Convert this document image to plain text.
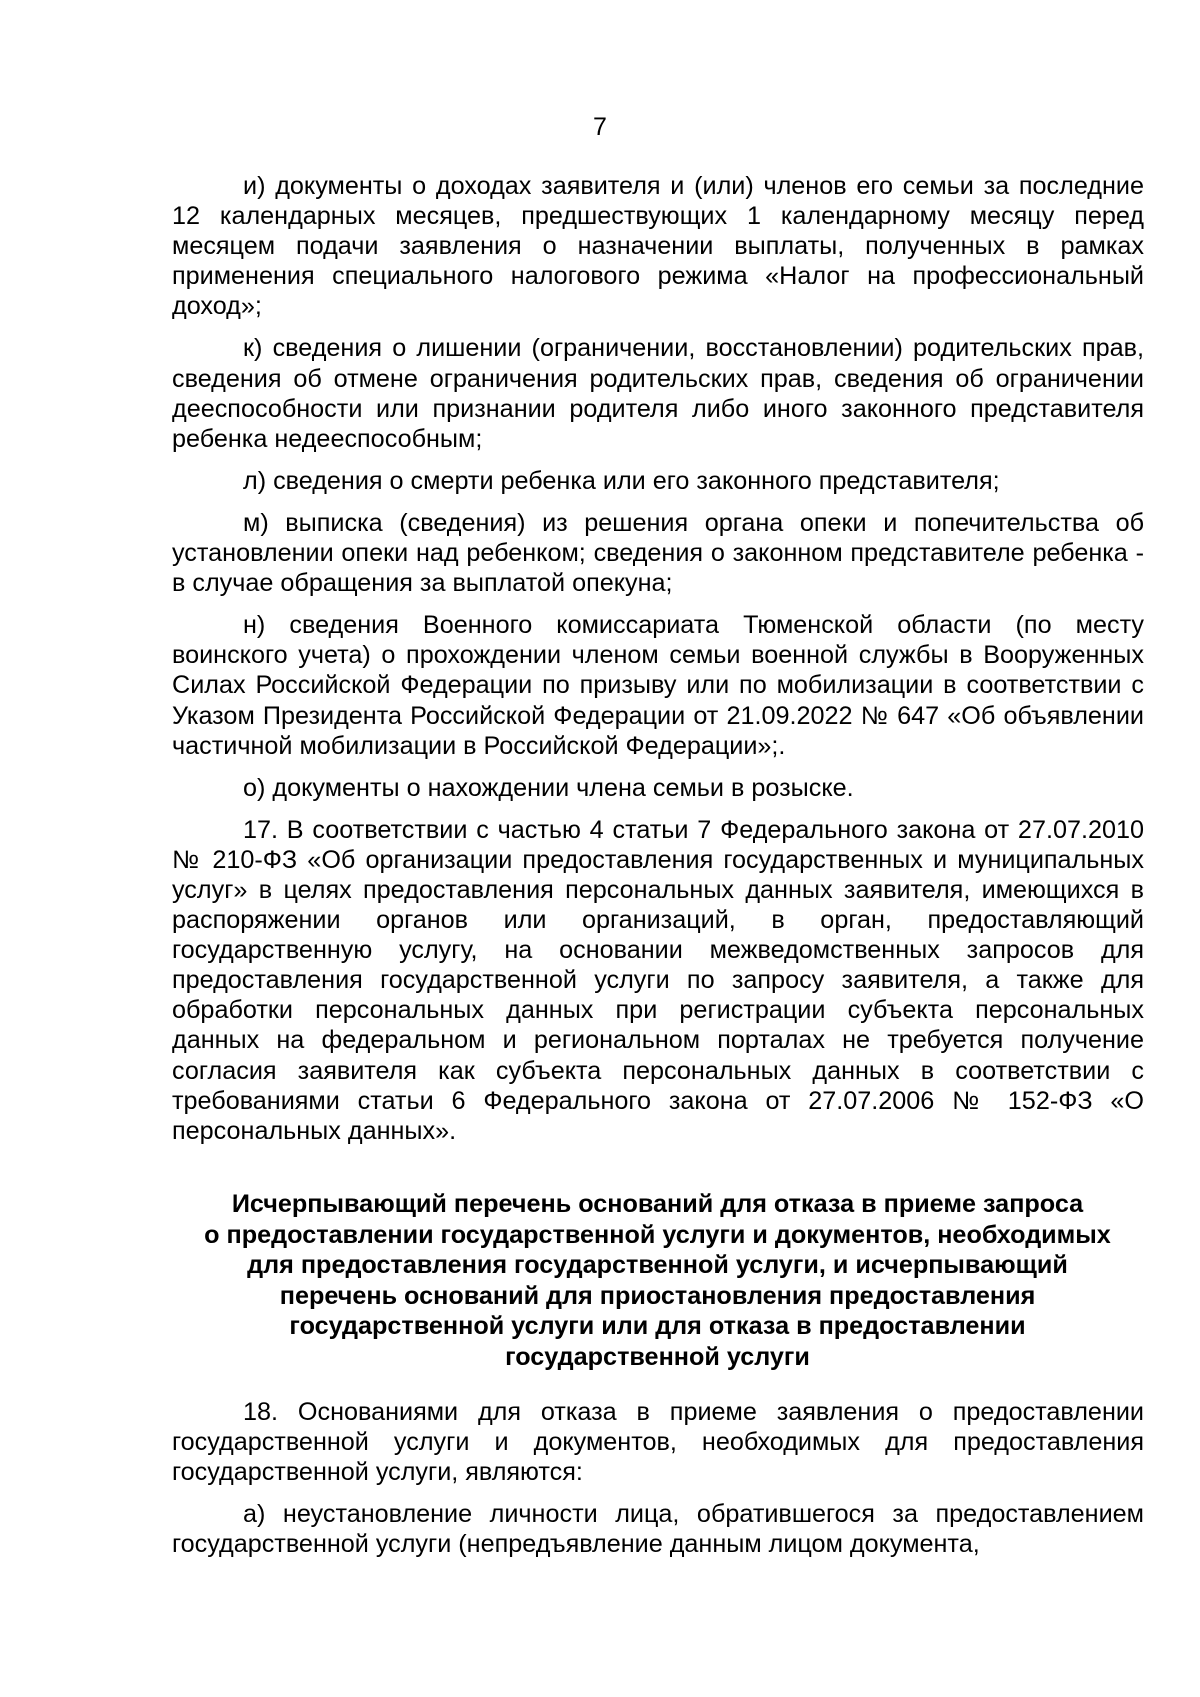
7

и) документы о доходах заявителя и (или) членов его семьи за последние 12 календарных месяцев, предшествующих 1 календарному месяцу перед месяцем подачи заявления о назначении выплаты, полученных в рамках применения специального налогового режима «Налог на профессиональный доход»;

к) сведения о лишении (ограничении, восстановлении) родительских прав, сведения об отмене ограничения родительских прав, сведения об ограничении дееспособности или признании родителя либо иного законного представителя ребенка недееспособным;

л) сведения о смерти ребенка или его законного представителя;

м) выписка (сведения) из решения органа опеки и попечительства об установлении опеки над ребенком; сведения о законном представителе ребенка - в случае обращения за выплатой опекуна;

н) сведения Военного комиссариата Тюменской области (по месту воинского учета) о прохождении членом семьи военной службы в Вооруженных Силах Российской Федерации по призыву или по мобилизации в соответствии с Указом Президента Российской Федерации от 21.09.2022 № 647 «Об объявлении частичной мобилизации в Российской Федерации»;.

о) документы о нахождении члена семьи в розыске.

17. В соответствии с частью 4 статьи 7 Федерального закона от 27.07.2010 № 210-ФЗ «Об организации предоставления государственных и муниципальных услуг» в целях предоставления персональных данных заявителя, имеющихся в распоряжении органов или организаций, в орган, предоставляющий государственную услугу, на основании межведомственных запросов для предоставления государственной услуги по запросу заявителя, а также для обработки персональных данных при регистрации субъекта персональных данных на федеральном и региональном порталах не требуется получение согласия заявителя как субъекта персональных данных в соответствии с требованиями статьи 6 Федерального закона от 27.07.2006 № 152-ФЗ «О персональных данных».

Исчерпывающий перечень оснований для отказа в приеме запроса
о предоставлении государственной услуги и документов, необходимых
для предоставления государственной услуги, и исчерпывающий
перечень оснований для приостановления предоставления
государственной услуги или для отказа в предоставлении
государственной услуги

18. Основаниями для отказа в приеме заявления о предоставлении государственной услуги и документов, необходимых для предоставления государственной услуги, являются:

а) неустановление личности лица, обратившегося за предоставлением государственной услуги (непредъявление данным лицом документа,
